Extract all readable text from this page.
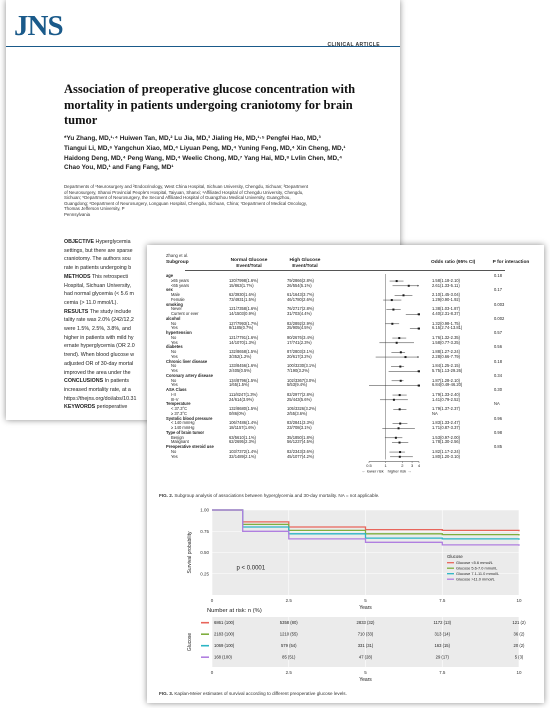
JNS
CLINICAL ARTICLE
Association of preoperative glucose concentration with mortality in patients undergoing craniotomy for brain tumor
*Yu Zhang, MD,¹·⁴ Huiwen Tan, MD,² Lu Jia, MD,³ Jialing He, MD,¹·⁵ Pengfei Hao, MD,³
Tiangui Li, MD,⁶ Yangchun Xiao, MD,⁴ Liyuan Peng, MD,⁴ Yuning Feng, MD,⁴ Xin Cheng, MD,¹
Haidong Deng, MD,⁴ Peng Wang, MD,⁴ Weelic Chong, MD,⁷ Yang Hai, MD,⁸ Lvlin Chen, MD,⁴
Chao You, MD,¹ and Fang Fang, MD¹
Departments of ¹Neurosurgery and ²Endocrinology, West China Hospital, Sichuan University, Chengdu, Sichuan; ³Department
of Neurosurgery, Shanxi Provincial People's Hospital, Taiyuan, Shanxi; ⁴Affiliated Hospital of Chengdu University, Chengdu,
Sichuan; ⁵Department of Neurosurgery, the Second Affiliated Hospital of Guangzhou Medical University, Guangzhou,
Guangdong; ⁶Department of Neurosurgery, Longquan Hospital, Chengdu, Sichuan, China; ⁷Department of Medical Oncology,
Thomas Jefferson University, P
Pennsylvania
OBJECTIVE Hyperglycemia
settings, but there are sparse
craniotomy. The authors sou
rate in patients undergoing b
METHODS This retrospecti
Hospital, Sichuan University,
had normal glycemia (< 5.6 m
cemia (> 11.0 mmol/L).
RESULTS The study include
tality rate was 2.0% (242/12,2
were 1.5%, 2.5%, 3.8%, and
higher in patients with mild hy
ernate hyperglycemia (OR 2.0
trend). When blood glucose w
adjusted OR of 30-day mortal
improved the area under the
CONCLUSIONS In patients
increased mortality rate, at a
https://thejns.org/doi/abs/10.31
KEYWORDS perioperative
Zhang et al.
Subgroup	Normal Glucose
Event/Total
High Glucose
Event/Total
Odds ratio (95% CI)	P for interaction
age	0.18
≥65 years	120/7998(1.6%)	79/2866(2.8%)	1.58(1.18-2.10)
<65 years	15/863(1.7%)	26/554(5.1%)	2.61(1.33-5.11)
sex	0.17
Male	62/3930(1.6%)	61/1643(3.7%)	2.10(1.45-3.04)
Female	73/4931(1.5%)	46/1780(2.6%)	1.29(0.90-1.92)
smoking	0.003
Never	121/7358(1.6%)	76/2717(2.8%)	1.38(1.03-1.87)
Current or ever	14/1503(0.9%)	31/703(4.4%)	4.40(2.31-8.37)
alcohol	0.002
No	127/7993(1.7%)	82/2892(2.9%)	1.32(0.98-1.75)
Yes	8/1185(0.7%)	25/905(4.5%)	6.15(2.74-13.81)
hypertension	0.57
No	121/7791(1.6%)	90/2676(3.4%)	1.76(1.32-2.35)
Yes	14/1070(1.3%)	17/741(2.3%)	1.58(0.77-3.25)
diabetes	0.56
No	132/8658(1.5%)	87/2803(3.1%)	1.88(1.27-2.24)
Yes	3/352(1.2%)	20/617(3.2%)	2.28(0.66-7.79)
Chronic liver disease	0.18
No	133/8456(1.6%)	100/3230(3.1%)	1.84(1.25-2.15)
Yes	2/405(0.5%)	7/190(3.2%)	5.75(1.13-29.26)
Coronary artery disease	0.34
No	134/8796(1.5%)	102/3367(3.0%)	1.87(1.28-2.10)
Yes	1/65(1.5%)	5/53(9.4%)	6.84(0.49-46.20)
ASA Class	0.30
I-II	111/8247(1.3%)	82/2977(2.8%)	1.79(1.33-2.40)
III-V	24/614(3.9%)	25/443(5.6%)	1.41(0.79-2.52)
Temperature	NA
< 37.3°C	132/8680(1.5%)	105/3326(3.2%)	1.79(1.37-2.37)
≥ 37.3°C	0/86(0%)	2/55(3.6%)	NA
Systolic blood pressure	0.96
< 140 mmHg	106/7486(1.4%)	83/2841(3.3%)	1.83(1.33-2.47)
≥ 140 mmHg	18/1157(1.6%)	23/708(3.1%)	1.71(0.87-3.37)
Type of brain tumor	0.98
Benign	63/5610(1.1%)	35/1850(1.8%)	1.53(0.97-2.00)
Malignant	62/2695(2.3%)	56/1237(4.5%)	1.78(1.30-2.56)
Preoperative steroid use	0.85
No	103/7372(1.4%)	82/2343(3.6%)	1.82(1.17-2.24)
Yes	32/1489(2.1%)	45/1077(4.2%)	1.80(1.20-3.10)
0.5	1	2 3 4
← lower risk higher risk →
FIG. 2. Subgroup analysis of associations between hyperglycemia and 30-day mortality. NA = not applicable.
0.25
0.50
0.75
1.00
0	2.5	5	7.5	10
Survival probability
Years
p < 0.0001
Glucose
Glucose <5.6 mmol/L
Glucose 5.6-7.0 mmol/L
Glucose 7.1-11.0 mmol/L
Glucose >11.0 mmol/L
6861 (100)	5358 (80)	2833 (32)	1172 (13)	121 (2)
2183 (100)	1210 (55)	710 (33)	313 (14)	36 (2)
1069 (100)	579 (54)	331 (31)	163 (15)	20 (2)
168 (100)	85 (51)	47 (28)	29 (17)	5 (3)
Glucose
0	2.5	5	7.5	10
Years
Number at risk: n (%)
FIG. 3. Kaplan-Meier estimates of survival according to different preoperative glucose levels.
